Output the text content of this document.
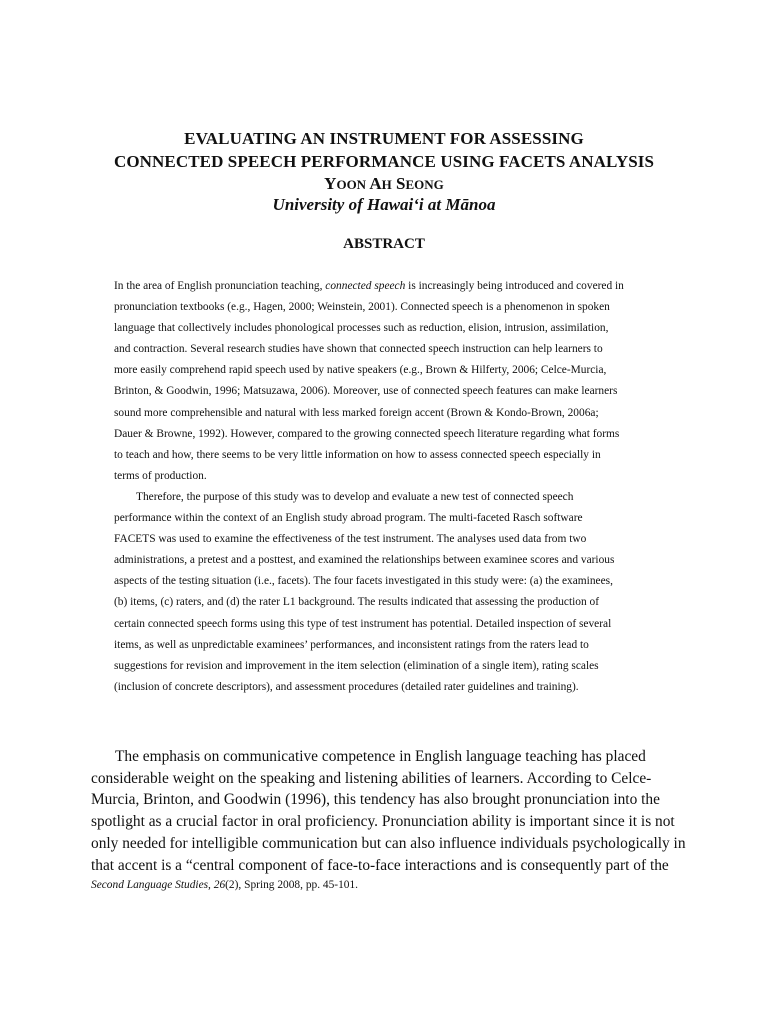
EVALUATING AN INSTRUMENT FOR ASSESSING
CONNECTED SPEECH PERFORMANCE USING FACETS ANALYSIS
YOON AH SEONG
University of Hawai‘i at Mānoa
ABSTRACT

In the area of English pronunciation teaching, connected speech is increasingly being introduced and covered in
pronunciation textbooks (e.g., Hagen, 2000; Weinstein, 2001). Connected speech is a phenomenon in spoken
language that collectively includes phonological processes such as reduction, elision, intrusion, assimilation,
and contraction. Several research studies have shown that connected speech instruction can help learners to
more easily comprehend rapid speech used by native speakers (e.g., Brown & Hilferty, 2006; Celce-Murcia,
Brinton, & Goodwin, 1996; Matsuzawa, 2006). Moreover, use of connected speech features can make learners
sound more comprehensible and natural with less marked foreign accent (Brown & Kondo-Brown, 2006a;
Dauer & Browne, 1992). However, compared to the growing connected speech literature regarding what forms
to teach and how, there seems to be very little information on how to assess connected speech especially in
terms of production.

Therefore, the purpose of this study was to develop and evaluate a new test of connected speech
performance within the context of an English study abroad program. The multi-faceted Rasch software
FACETS was used to examine the effectiveness of the test instrument. The analyses used data from two
administrations, a pretest and a posttest, and examined the relationships between examinee scores and various
aspects of the testing situation (i.e., facets). The four facets investigated in this study were: (a) the examinees,
(b) items, (c) raters, and (d) the rater L1 background. The results indicated that assessing the production of
certain connected speech forms using this type of test instrument has potential. Detailed inspection of several
items, as well as unpredictable examinees’ performances, and inconsistent ratings from the raters lead to
suggestions for revision and improvement in the item selection (elimination of a single item), rating scales
(inclusion of concrete descriptors), and assessment procedures (detailed rater guidelines and training).

The emphasis on communicative competence in English language teaching has placed
considerable weight on the speaking and listening abilities of learners. According to Celce-
Murcia, Brinton, and Goodwin (1996), this tendency has also brought pronunciation into the
spotlight as a crucial factor in oral proficiency. Pronunciation ability is important since it is not
only needed for intelligible communication but can also influence individuals psychologically in
that accent is a “central component of face-to-face interactions and is consequently part of the
Second Language Studies, 26(2), Spring 2008, pp. 45-101.
